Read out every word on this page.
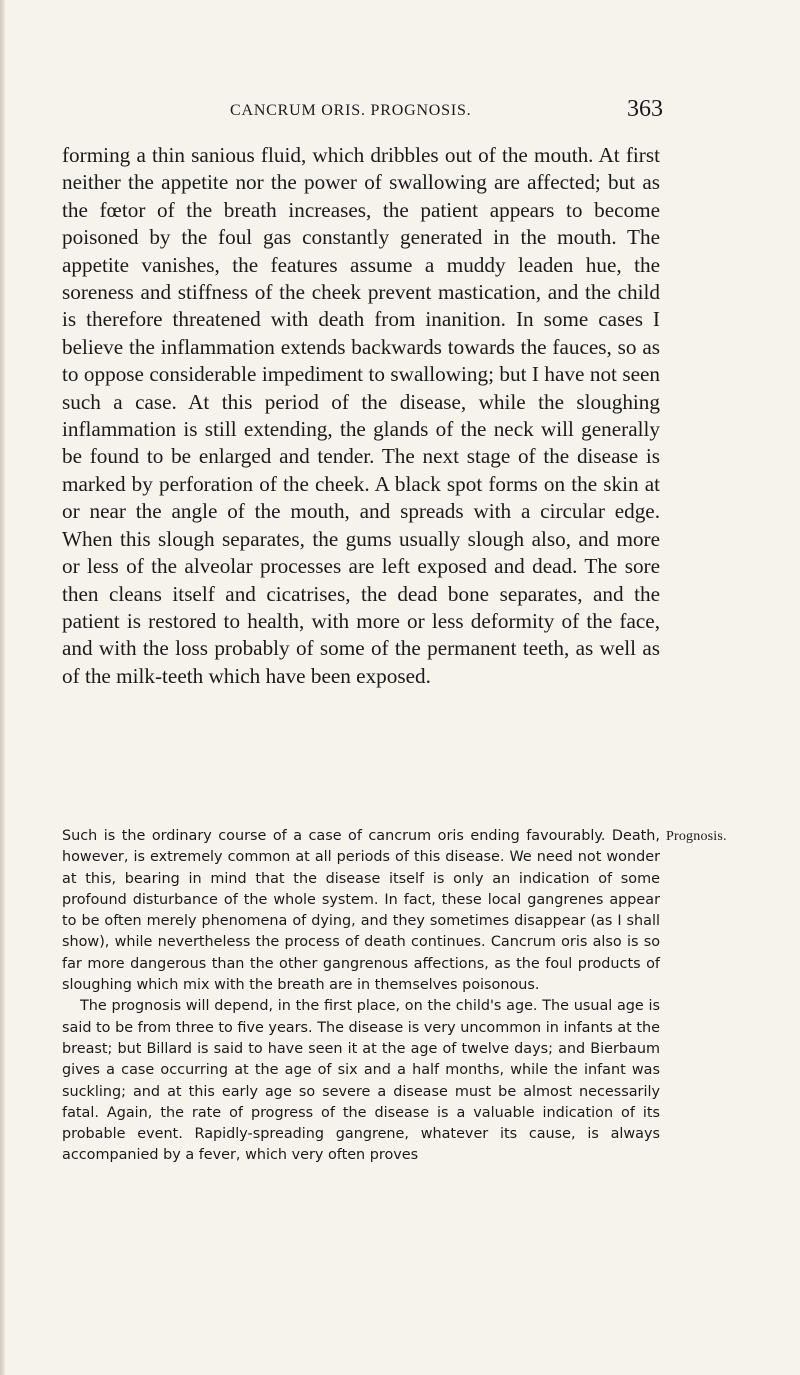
CANCRUM ORIS. PROGNOSIS.	363

forming a thin sanious fluid, which dribbles out of the mouth. At first neither the appetite nor the power of swallowing are affected; but as the fœtor of the breath increases, the patient appears to become poisoned by the foul gas constantly generated in the mouth. The appetite vanishes, the features assume a muddy leaden hue, the soreness and stiffness of the cheek prevent mastication, and the child is therefore threatened with death from inanition. In some cases I believe the inflammation extends backwards towards the fauces, so as to oppose considerable impediment to swallowing; but I have not seen such a case. At this period of the disease, while the sloughing inflammation is still extending, the glands of the neck will generally be found to be enlarged and tender. The next stage of the disease is marked by perforation of the cheek. A black spot forms on the skin at or near the angle of the mouth, and spreads with a circular edge. When this slough separates, the gums usually slough also, and more or less of the alveolar processes are left exposed and dead. The sore then cleans itself and cicatrises, the dead bone separates, and the patient is restored to health, with more or less deformity of the face, and with the loss probably of some of the permanent teeth, as well as of the milk-teeth which have been exposed.

Such is the ordinary course of a case of cancrum oris ending favourably. Death, however, is extremely common at all periods of this disease. We need not wonder at this, bearing in mind that the disease itself is only an indication of some profound disturbance of the whole system. In fact, these local gangrenes appear to be often merely phenomena of dying, and they sometimes disappear (as I shall show), while nevertheless the process of death continues. Cancrum oris also is so far more dangerous than the other gangrenous affections, as the foul products of sloughing which mix with the breath are in themselves poisonous.

The prognosis will depend, in the first place, on the child's age. The usual age is said to be from three to five years. The disease is very uncommon in infants at the breast; but Billard is said to have seen it at the age of twelve days; and Bierbaum gives a case occurring at the age of six and a half months, while the infant was suckling; and at this early age so severe a disease must be almost necessarily fatal. Again, the rate of progress of the disease is a valuable indication of its probable event. Rapidly-spreading gangrene, whatever its cause, is always accompanied by a fever, which very often proves

Prognosis.
